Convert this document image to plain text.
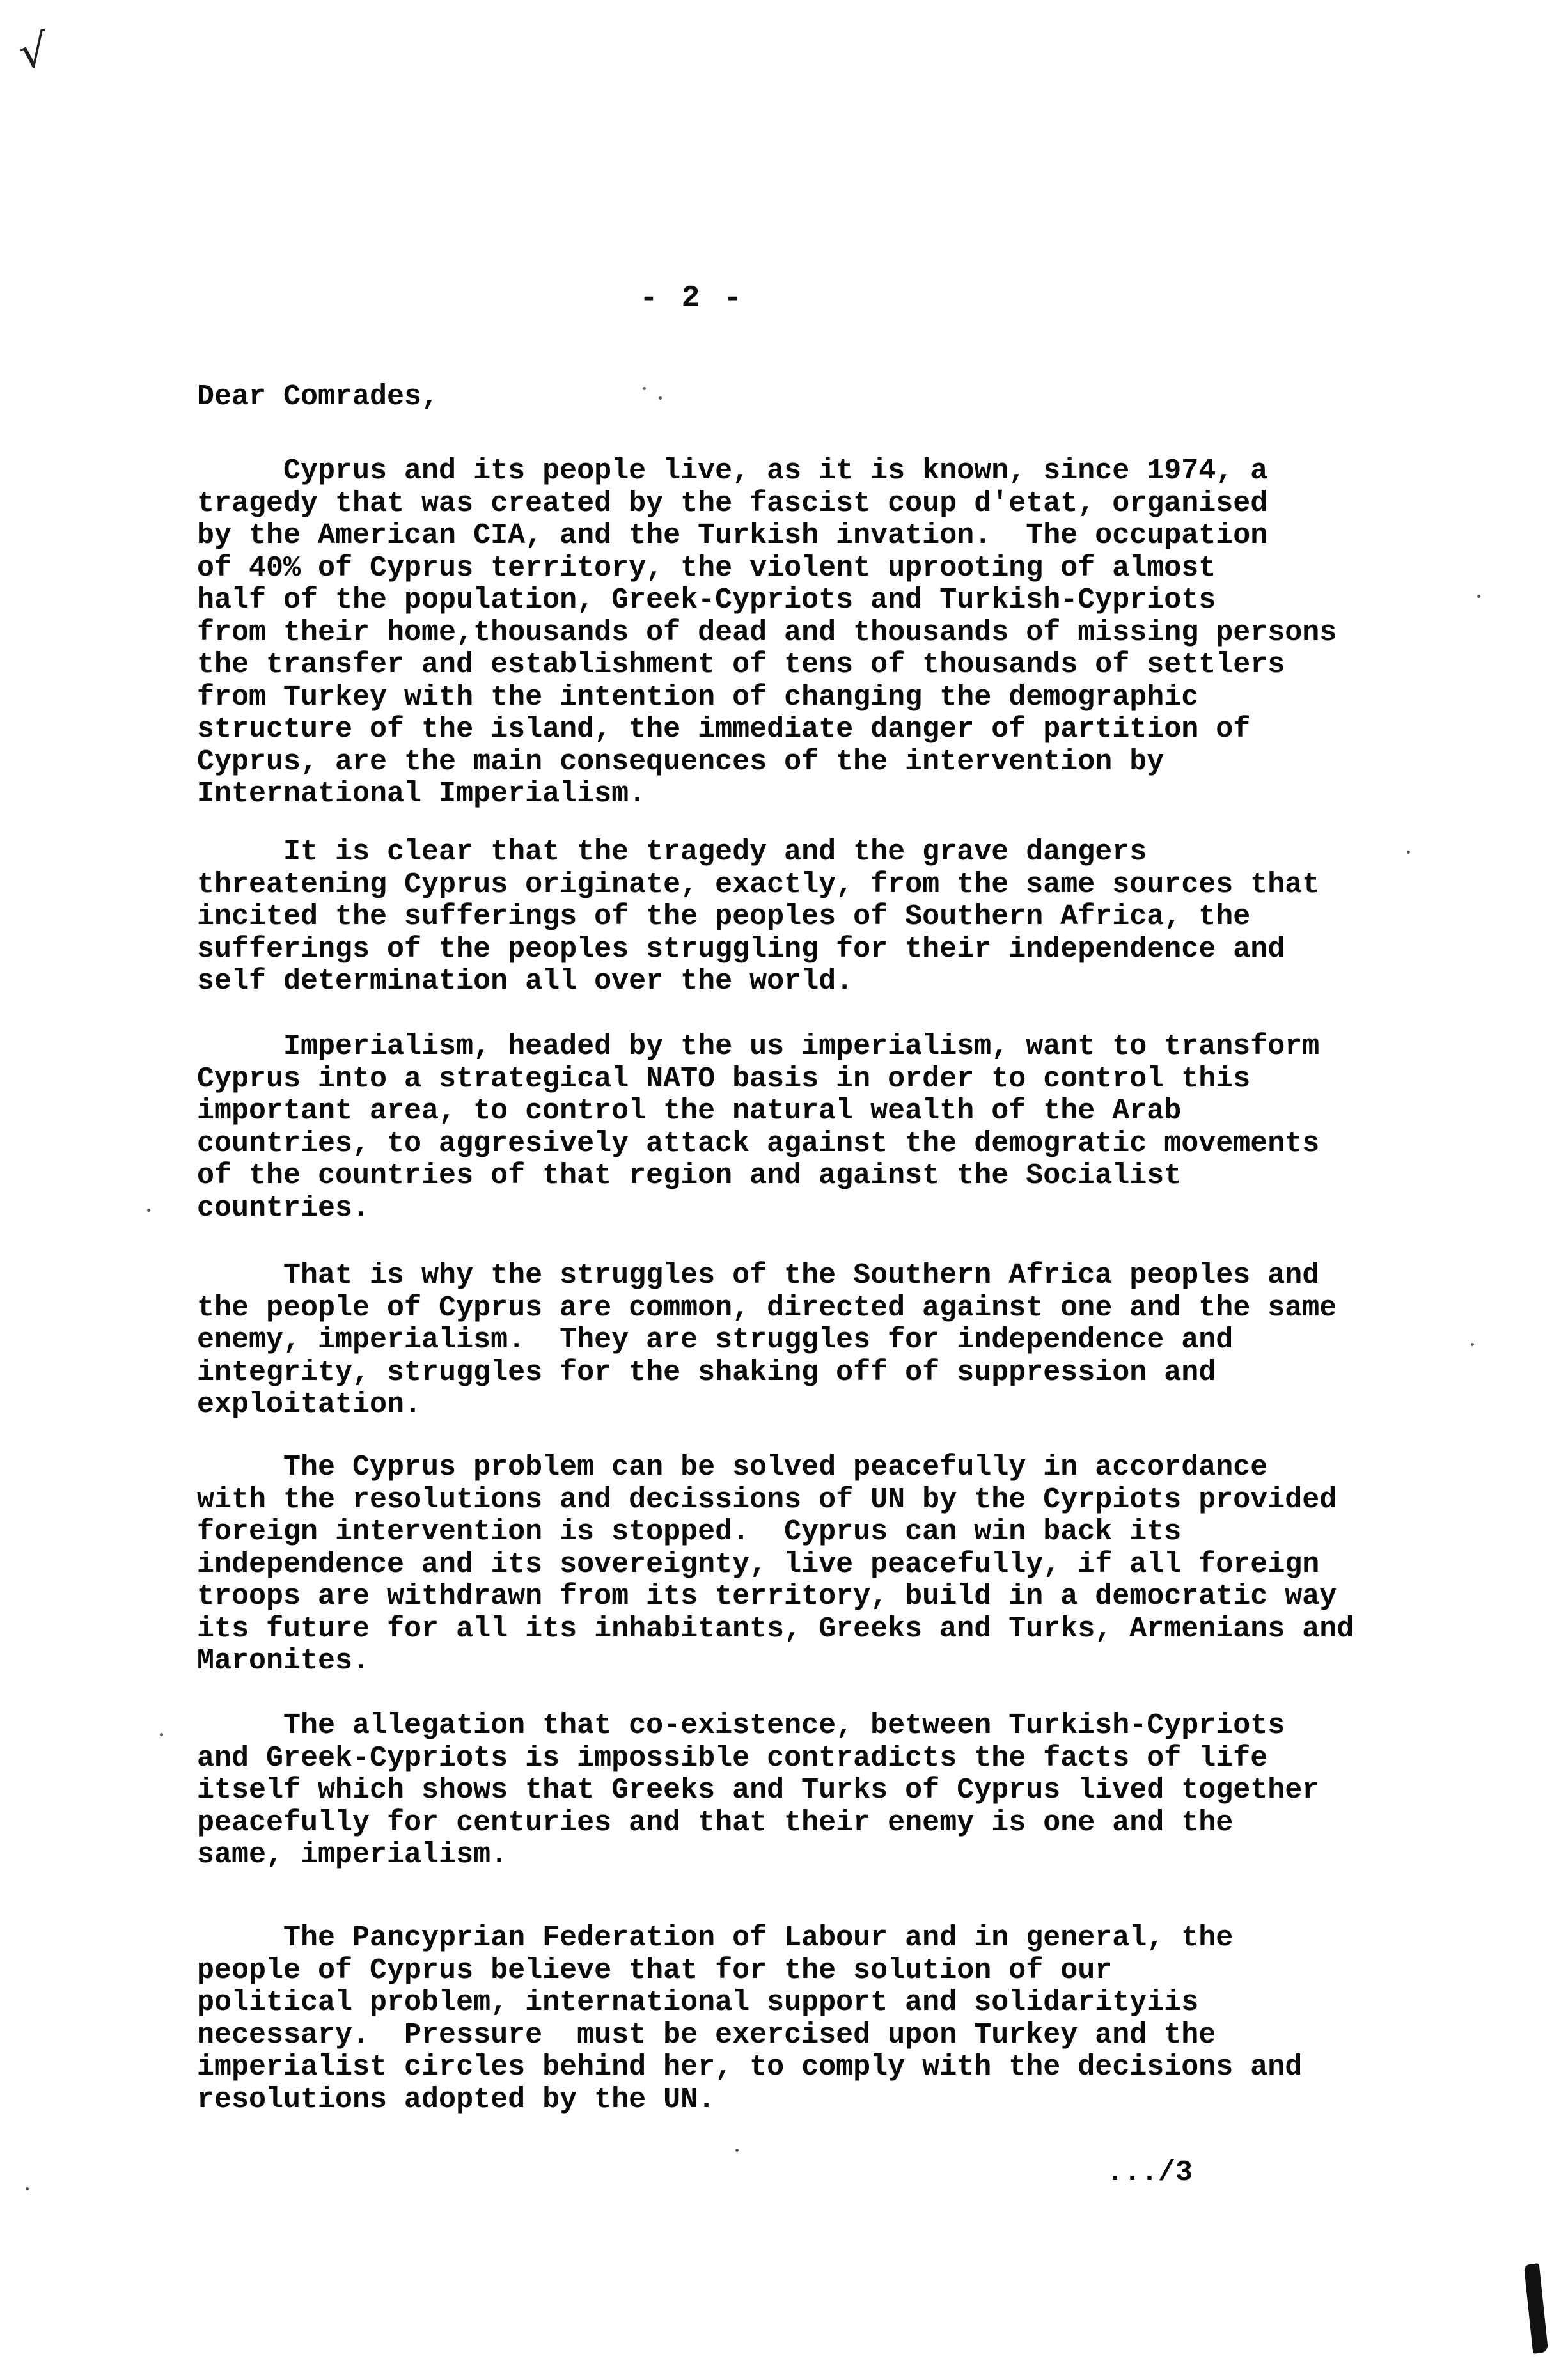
√
- 2 -
Dear Comrades,
Cyprus and its people live, as it is known, since 1974, a
tragedy that was created by the fascist coup d'etat, organised
by the American CIA, and the Turkish invation.  The occupation
of 40% of Cyprus territory, the violent uprooting of almost
half of the population, Greek-Cypriots and Turkish-Cypriots
from their home,thousands of dead and thousands of missing persons
the transfer and establishment of tens of thousands of settlers
from Turkey with the intention of changing the demographic
structure of the island, the immediate danger of partition of
Cyprus, are the main consequences of the intervention by
International Imperialism.
It is clear that the tragedy and the grave dangers
threatening Cyprus originate, exactly, from the same sources that
incited the sufferings of the peoples of Southern Africa, the
sufferings of the peoples struggling for their independence and
self determination all over the world.
Imperialism, headed by the us imperialism, want to transform
Cyprus into a strategical NATO basis in order to control this
important area, to control the natural wealth of the Arab
countries, to aggresively attack against the demogratic movements
of the countries of that region and against the Socialist
countries.
That is why the struggles of the Southern Africa peoples and
the people of Cyprus are common, directed against one and the same
enemy, imperialism.  They are struggles for independence and
integrity, struggles for the shaking off of suppression and
exploitation.
The Cyprus problem can be solved peacefully in accordance
with the resolutions and decissions of UN by the Cyrpiots provided
foreign intervention is stopped.  Cyprus can win back its
independence and its sovereignty, live peacefully, if all foreign
troops are withdrawn from its territory, build in a democratic way
its future for all its inhabitants, Greeks and Turks, Armenians and
Maronites.
The allegation that co-existence, between Turkish-Cypriots
and Greek-Cypriots is impossible contradicts the facts of life
itself which shows that Greeks and Turks of Cyprus lived together
peacefully for centuries and that their enemy is one and the
same, imperialism.
The Pancyprian Federation of Labour and in general, the
people of Cyprus believe that for the solution of our
political problem, international support and solidarityiis
necessary.  Pressure  must be exercised upon Turkey and the
imperialist circles behind her, to comply with the decisions and
resolutions adopted by the UN.
.../3
